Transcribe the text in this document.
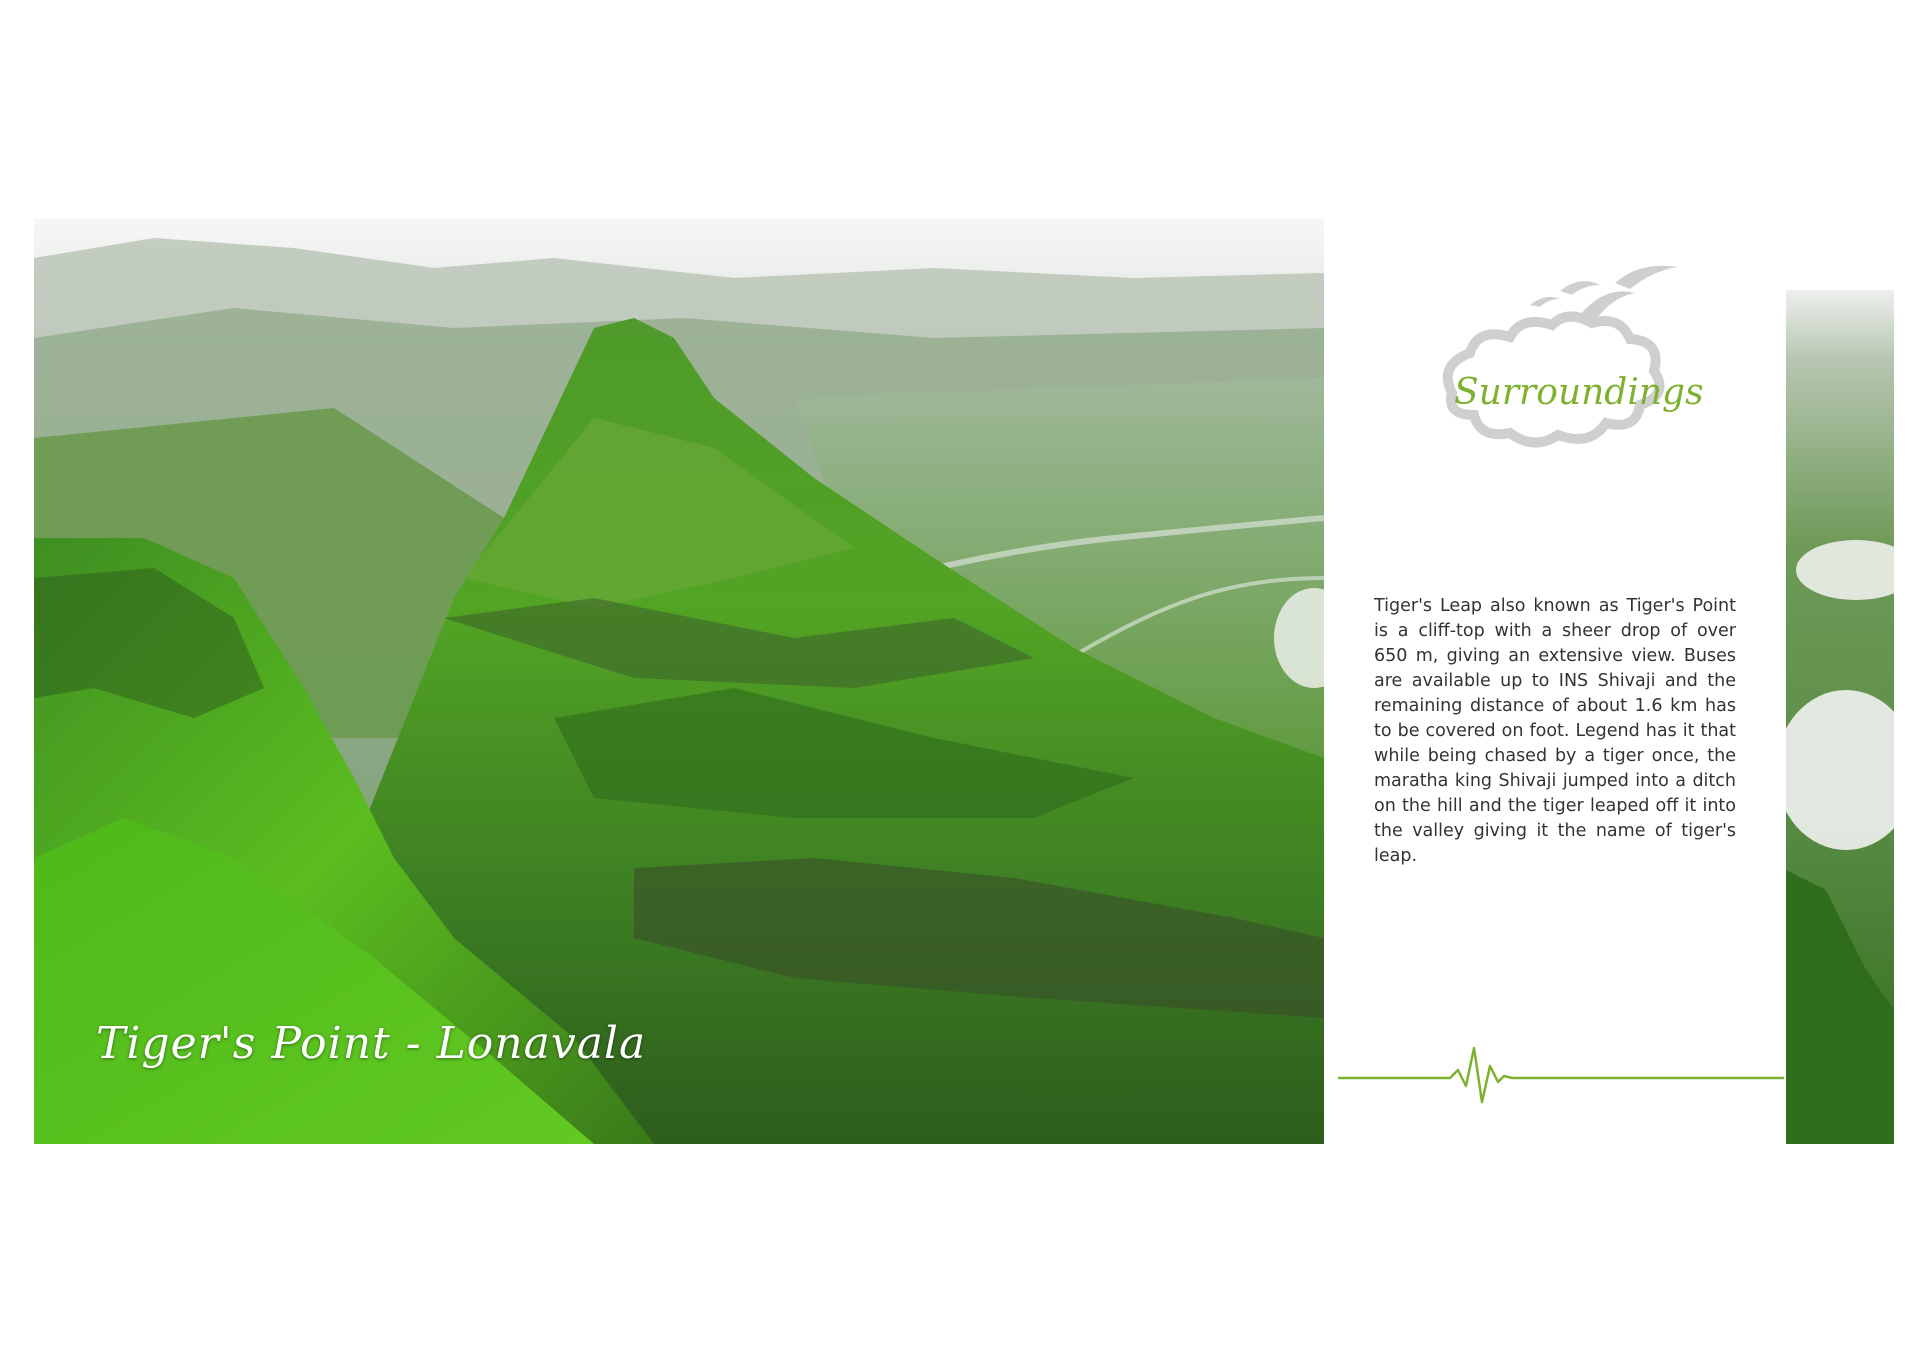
Tiger's Point - Lonavala
Surroundings
Tiger's Leap also known as Tiger's Point is a cliff-top with a sheer drop of over 650 m, giving an extensive view. Buses are available up to INS Shivaji and the remaining distance of about 1.6 km has to be covered on foot. Legend has it that while being chased by a tiger once, the maratha king Shivaji jumped into a ditch on the hill and the tiger leaped off it into the valley giving it the name of tiger's leap.
